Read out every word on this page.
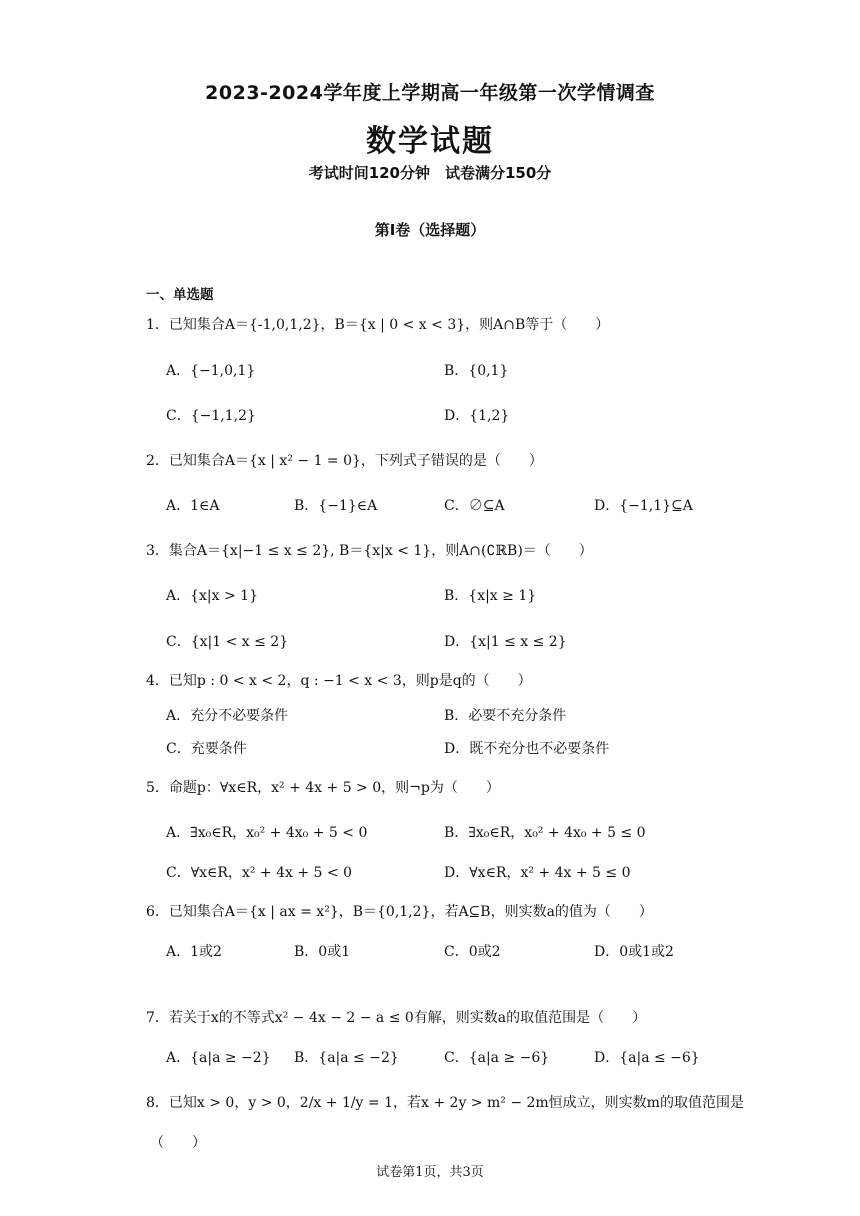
2023-2024学年度上学期高一年级第一次学情调查
数学试题
考试时间120分钟　试卷满分150分
第Ⅰ卷（选择题）
一、单选题
1．已知集合A＝{-1,0,1,2}，B＝{x | 0 < x < 3}，则A∩B等于（　　）
A．{−1,0,1}	B．{0,1}
C．{−1,1,2}	D．{1,2}
2．已知集合A＝{x | x² − 1 = 0}，下列式子错误的是（　　）
A．1∈A	B．{−1}∈A	C．∅⊆A	D．{−1,1}⊆A
3．集合A＝{x|−1 ≤ x ≤ 2}, B＝{x|x < 1}，则A∩(∁ℝB)＝（　　）
A．{x|x > 1}	B．{x|x ≥ 1}
C．{x|1 < x ≤ 2}	D．{x|1 ≤ x ≤ 2}
4．已知p : 0 < x < 2，q : −1 < x < 3，则p是q的（　　）
A．充分不必要条件	B．必要不充分条件
C．充要条件	D．既不充分也不必要条件
5．命题p：∀x∈R，x² + 4x + 5 > 0，则¬p为（　　）
A．∃x₀∈R，x₀² + 4x₀ + 5 < 0	B．∃x₀∈R，x₀² + 4x₀ + 5 ≤ 0
C．∀x∈R，x² + 4x + 5 < 0	D．∀x∈R，x² + 4x + 5 ≤ 0
6．已知集合A＝{x | ax = x²}，B＝{0,1,2}，若A⊆B，则实数a的值为（　　）
A．1或2	B．0或1	C．0或2	D．0或1或2
7．若关于x的不等式x² − 4x − 2 − a ≤ 0有解，则实数a的取值范围是（　　）
A．{a|a ≥ −2} B．{a|a ≤ −2}	C．{a|a ≥ −6}	D．{a|a ≤ −6}
8．已知x > 0，y > 0，2/x + 1/y = 1，若x + 2y > m² − 2m恒成立，则实数m的取值范围是
（　　）
试卷第1页，共3页
